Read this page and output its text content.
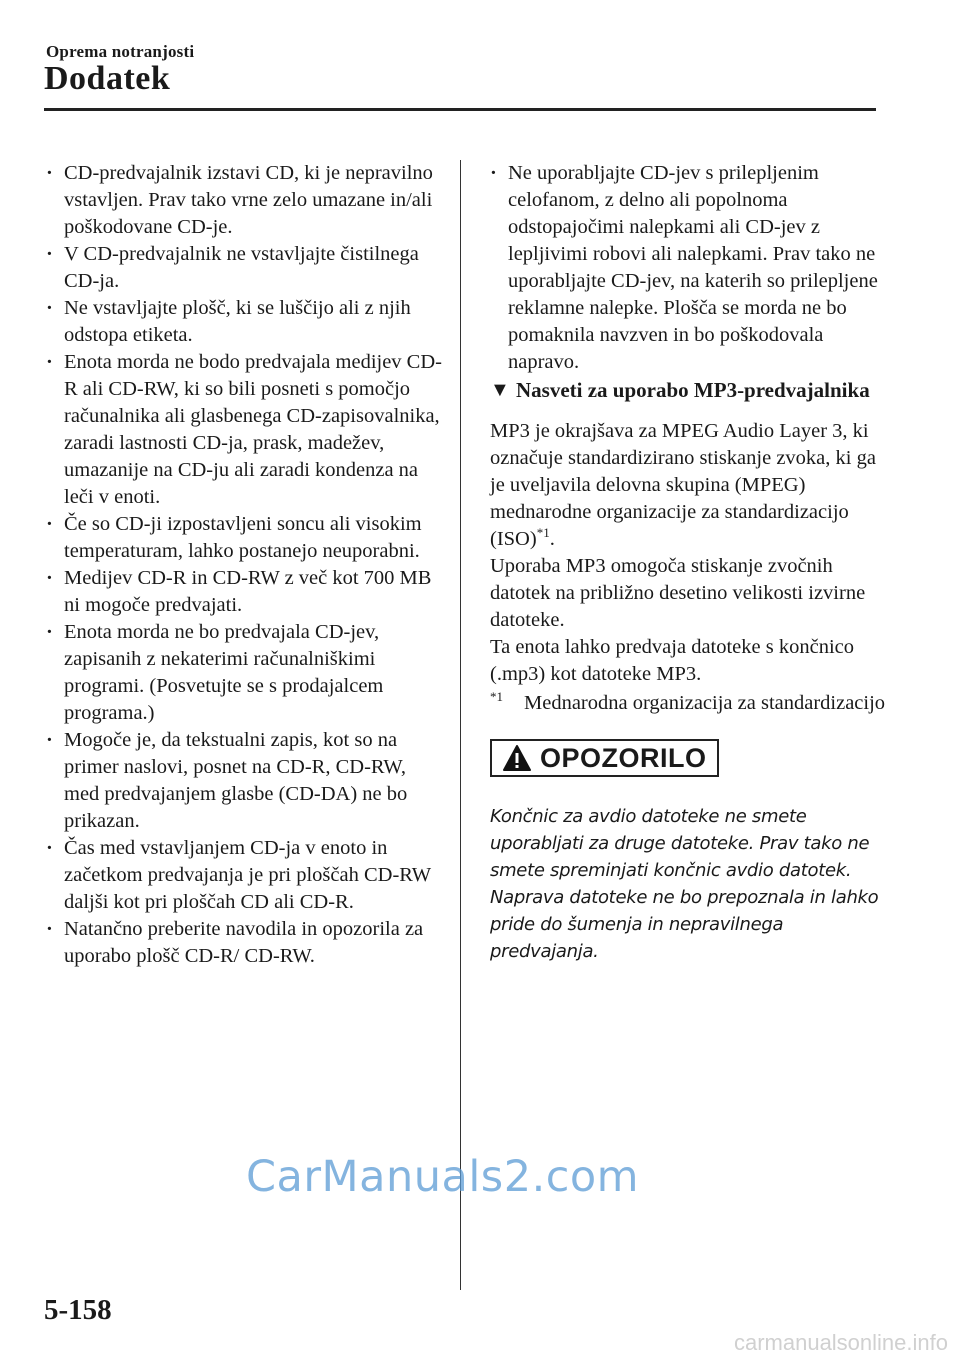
Oprema notranjosti
Dodatek
· CD-predvajalnik izstavi CD, ki je nepravilno vstavljen. Prav tako vrne zelo umazane in/ali poškodovane CD-je.
· V CD-predvajalnik ne vstavljajte čistilnega CD-ja.
· Ne vstavljajte plošč, ki se luščijo ali z njih odstopa etiketa.
· Enota morda ne bodo predvajala medijev CD-R ali CD-RW, ki so bili posneti s pomočjo računalnika ali glasbenega CD-zapisovalnika, zaradi lastnosti CD-ja, prask, madežev, umazanije na CD-ju ali zaradi kondenza na leči v enoti.
· Če so CD-ji izpostavljeni soncu ali visokim temperaturam, lahko postanejo neuporabni.
· Medijev CD-R in CD-RW z več kot 700 MB ni mogoče predvajati.
· Enota morda ne bo predvajala CD-jev, zapisanih z nekaterimi računalniškimi programi. (Posvetujte se s prodajalcem programa.)
· Mogoče je, da tekstualni zapis, kot so na primer naslovi, posnet na CD-R, CD-RW, med predvajanjem glasbe (CD-DA) ne bo prikazan.
· Čas med vstavljanjem CD-ja v enoto in začetkom predvajanja je pri ploščah CD-RW daljši kot pri ploščah CD ali CD-R.
· Natančno preberite navodila in opozorila za uporabo plošč CD-R/ CD-RW.
· Ne uporabljajte CD-jev s prilepljenim celofanom, z delno ali popolnoma odstopajočimi nalepkami ali CD-jev z lepljivimi robovi ali nalepkami. Prav tako ne uporabljajte CD-jev, na katerih so prilepljene reklamne nalepke. Plošča se morda ne bo pomaknila navzven in bo poškodovala napravo.
▼ Nasveti za uporabo MP3-predvajalnika

MP3 je okrajšava za MPEG Audio Layer 3, ki označuje standardizirano stiskanje zvoka, ki ga je uveljavila delovna skupina (MPEG) mednarodne organizacije za standardizacijo (ISO)$^{*1}$.

Uporaba MP3 omogoča stiskanje zvočnih datotek na približno desetino velikosti izvirne datoteke.

Ta enota lahko predvaja datoteke s končnico (.mp3) kot datoteke MP3.

$^{*1}$ Mednarodna organizacija za standardizacijo
OPOZORILO
Končnic za avdio datoteke ne smete uporabljati za druge datoteke. Prav tako ne smete spreminjati končnic avdio datotek. Naprava datoteke ne bo prepoznala in lahko pride do šumenja in nepravilnega predvajanja.
CarManuals2.com
5-158
carmanualsonline.info
